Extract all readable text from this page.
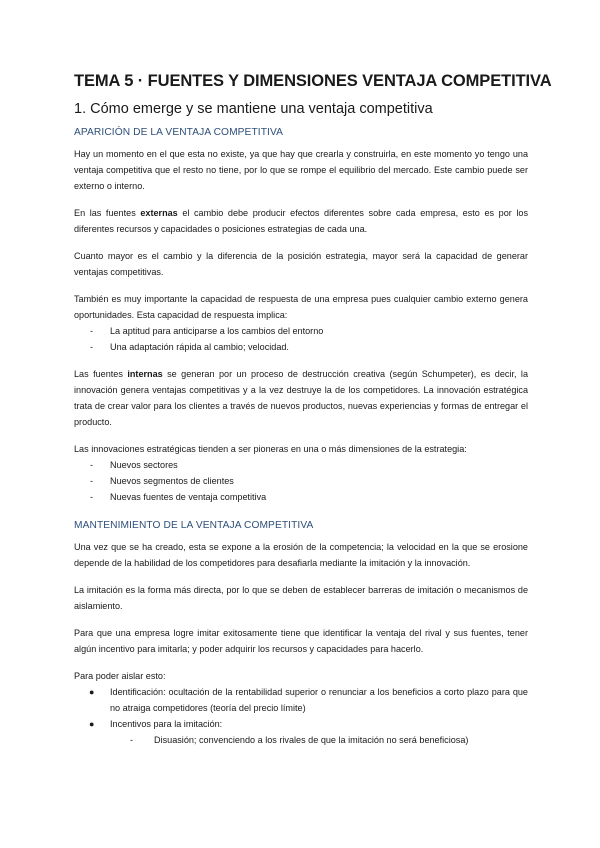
TEMA 5 · FUENTES Y DIMENSIONES VENTAJA COMPETITIVA
1. Cómo emerge y se mantiene una ventaja competitiva
APARICIÓN DE LA VENTAJA COMPETITIVA

Hay un momento en el que esta no existe, ya que hay que crearla y construirla, en este momento yo tengo una ventaja competitiva que el resto no tiene, por lo que se rompe el equilibrio del mercado. Este cambio puede ser externo o interno.

En las fuentes externas el cambio debe producir efectos diferentes sobre cada empresa, esto es por los diferentes recursos y capacidades o posiciones estrategias de cada una.

Cuanto mayor es el cambio y la diferencia de la posición estrategia, mayor será la capacidad de generar ventajas competitivas.

También es muy importante la capacidad de respuesta de una empresa pues cualquier cambio externo genera oportunidades. Esta capacidad de respuesta implica:

- La aptitud para anticiparse a los cambios del entorno
- Una adaptación rápida al cambio; velocidad.

Las fuentes internas se generan por un proceso de destrucción creativa (según Schumpeter), es decir, la innovación genera ventajas competitivas y a la vez destruye la de los competidores. La innovación estratégica trata de crear valor para los clientes a través de nuevos productos, nuevas experiencias y formas de entregar el producto.

Las innovaciones estratégicas tienden a ser pioneras en una o más dimensiones de la estrategia:

- Nuevos sectores
- Nuevos segmentos de clientes
- Nuevas fuentes de ventaja competitiva
MANTENIMIENTO DE LA VENTAJA COMPETITIVA

Una vez que se ha creado, esta se expone a la erosión de la competencia; la velocidad en la que se erosione depende de la habilidad de los competidores para desafiarla mediante la imitación y la innovación.

La imitación es la forma más directa, por lo que se deben de establecer barreras de imitación o mecanismos de aislamiento.

Para que una empresa logre imitar exitosamente tiene que identificar la ventaja del rival y sus fuentes, tener algún incentivo para imitarla; y poder adquirir los recursos y capacidades para hacerlo.

Para poder aislar esto:

● Identificación: ocultación de la rentabilidad superior o renunciar a los beneficios a corto plazo para que no atraiga competidores (teoría del precio límite)
● Incentivos para la imitación:
- Disuasión; convenciendo a los rivales de que la imitación no será beneficiosa)
